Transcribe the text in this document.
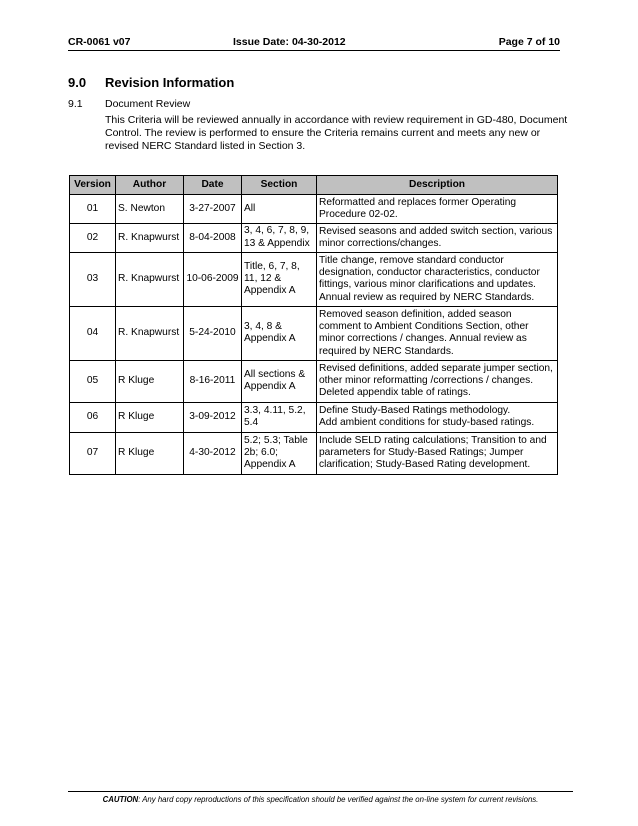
CR-0061 v07	Issue Date: 04-30-2012	Page 7 of 10
9.0 Revision Information
9.1 Document Review
This Criteria will be reviewed annually in accordance with review requirement in GD-480, Document Control. The review is performed to ensure the Criteria remains current and meets any new or revised NERC Standard listed in Section 3.
Version	Author	Date	Section	Description
01	S. Newton	3-27-2007	All	Reformatted and replaces former Operating Procedure 02-02.
02	R. Knapwurst	8-04-2008	3, 4, 6, 7, 8, 9, 13 & Appendix	Revised seasons and added switch section, various minor corrections/changes.
03	R. Knapwurst	10-06-2009	Title, 6, 7, 8, 11, 12 & Appendix A	Title change, remove standard conductor designation, conductor characteristics, conductor fittings, various minor clarifications and updates. Annual review as required by NERC Standards.
04	R. Knapwurst	5-24-2010	3, 4, 8 & Appendix A	Removed season definition, added season comment to Ambient Conditions Section, other minor corrections / changes. Annual review as required by NERC Standards.
05	R Kluge	8-16-2011	All sections & Appendix A	Revised definitions, added separate jumper section, other minor reformatting /corrections / changes. Deleted appendix table of ratings.
06	R Kluge	3-09-2012	3.3, 4.11, 5.2, 5.4	Define Study-Based Ratings methodology.
Add ambient conditions for study-based ratings.
07	R Kluge	4-30-2012	5.2; 5.3; Table 2b; 6.0; Appendix A	Include SELD rating calculations; Transition to and parameters for Study-Based Ratings; Jumper clarification; Study-Based Rating development.
CAUTION: Any hard copy reproductions of this specification should be verified against the on-line system for current revisions.
